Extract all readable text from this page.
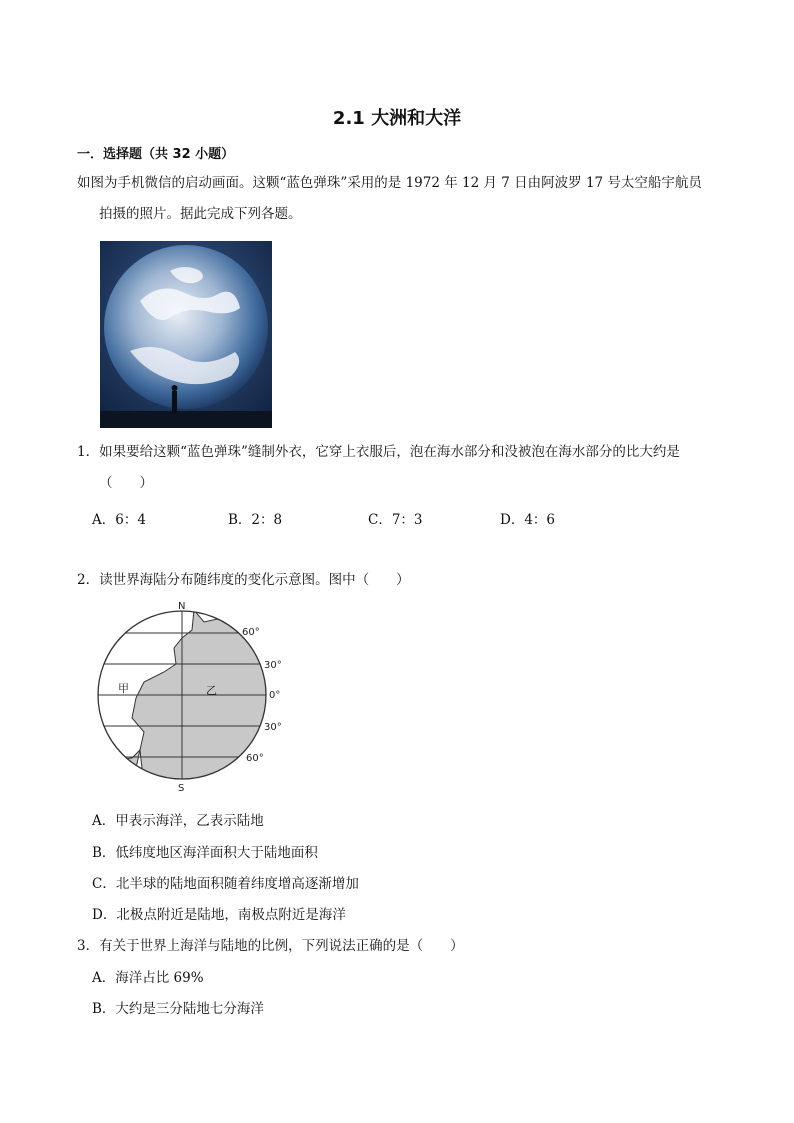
2.1 大洲和大洋
一．选择题（共 32 小题）
如图为手机微信的启动画面。这颗“蓝色弹珠”采用的是 1972 年 12 月 7 日由阿波罗 17 号太空船宇航员
拍摄的照片。据此完成下列各题。
1．如果要给这颗“蓝色弹珠”缝制外衣，它穿上衣服后，泡在海水部分和没被泡在海水部分的比大约是
（　　）
A．6：4	B．2：8	C．7：3	D．4：6
2．读世界海陆分布随纬度的变化示意图。图中（　　）
N
S
甲	乙
60°
30°
0°
30°
60°
A．甲表示海洋，乙表示陆地
B．低纬度地区海洋面积大于陆地面积
C．北半球的陆地面积随着纬度增高逐渐增加
D．北极点附近是陆地，南极点附近是海洋
3．有关于世界上海洋与陆地的比例，下列说法正确的是（　　）
A．海洋占比 69%
B．大约是三分陆地七分海洋
